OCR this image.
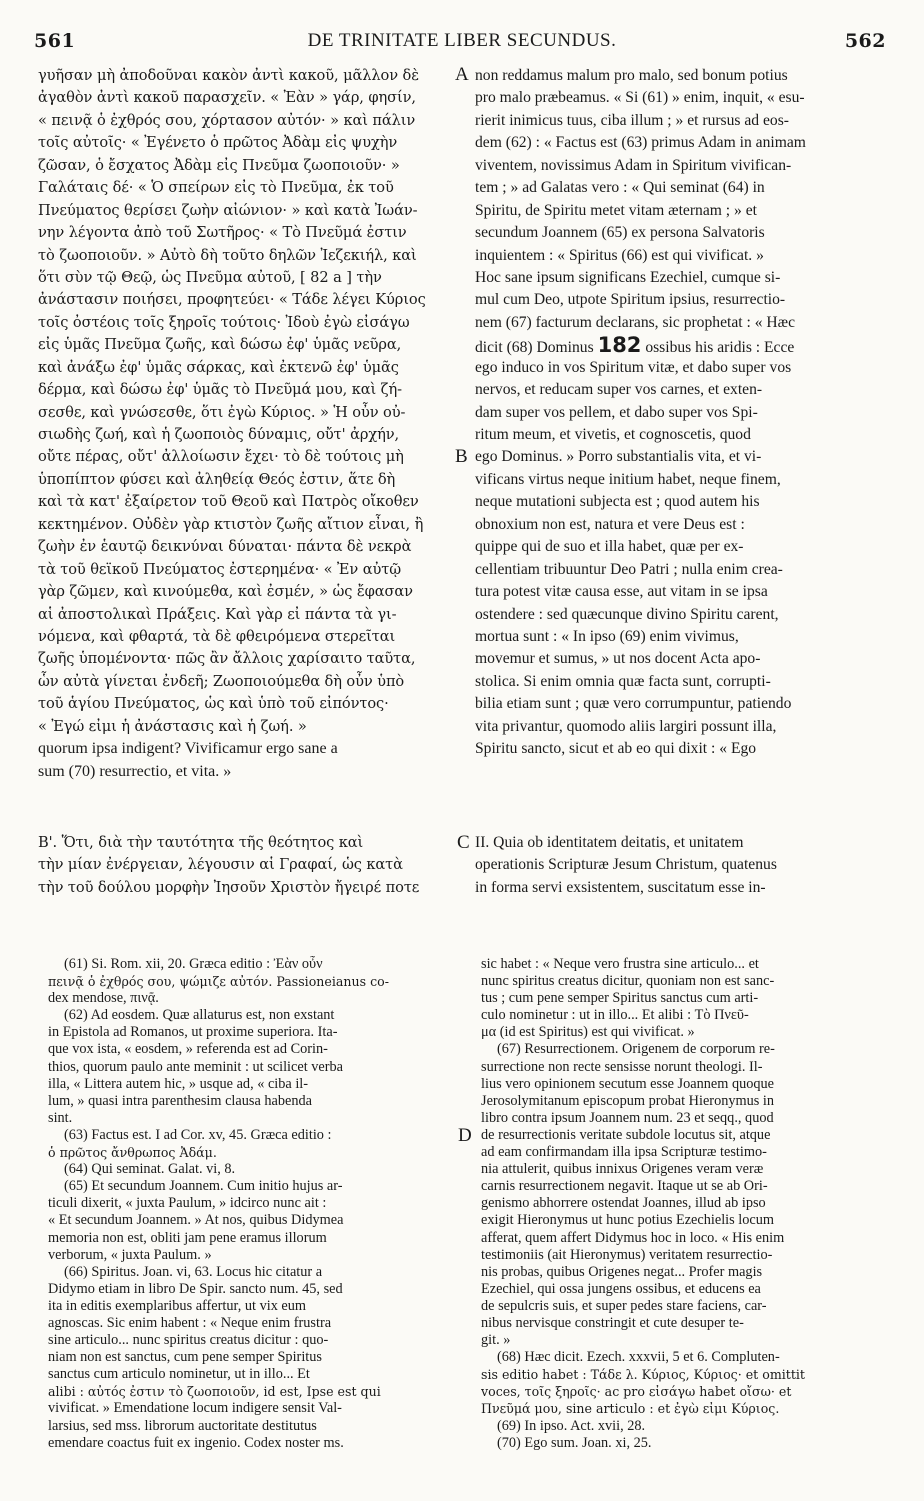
561	DE TRINITATE LIBER SECUNDUS.	562
A
B
C
D
γυῆσαν μὴ ἀποδοῦναι κακὸν ἀντὶ κακοῦ, μᾶλλον δὲ
ἀγαθὸν ἀντὶ κακοῦ παρασχεῖν. « Ἐὰν » γάρ, φησίν,
« πεινᾷ ὁ ἐχθρός σου, χόρτασον αὐτόν· » καὶ πάλιν
τοῖς αὐτοῖς· « Ἐγένετο ὁ πρῶτος Ἀδὰμ εἰς ψυχὴν
ζῶσαν, ὁ ἔσχατος Ἀδὰμ εἰς Πνεῦμα ζωοποιοῦν· »
Γαλάταις δέ· « Ὁ σπείρων εἰς τὸ Πνεῦμα, ἐκ τοῦ
Πνεύματος θερίσει ζωὴν αἰώνιον· » καὶ κατὰ Ἰωάν-
νην λέγοντα ἀπὸ τοῦ Σωτῆρος· « Τὸ Πνεῦμά ἐστιν
τὸ ζωοποιοῦν. » Αὐτὸ δὴ τοῦτο δηλῶν Ἰεζεκιήλ, καὶ
ὅτι σὺν τῷ Θεῷ, ὡς Πνεῦμα αὐτοῦ, [ 82 a ] τὴν
ἀνάστασιν ποιήσει, προφητεύει· « Τάδε λέγει Κύριος
τοῖς ὀστέοις τοῖς ξηροῖς τούτοις· Ἰδοὺ ἐγὼ εἰσάγω
εἰς ὑμᾶς Πνεῦμα ζωῆς, καὶ δώσω ἐφ' ὑμᾶς νεῦρα,
καὶ ἀνάξω ἐφ' ὑμᾶς σάρκας, καὶ ἐκτενῶ ἐφ' ὑμᾶς
δέρμα, καὶ δώσω ἐφ' ὑμᾶς τὸ Πνεῦμά μου, καὶ ζή-
σεσθε, καὶ γνώσεσθε, ὅτι ἐγὼ Κύριος. » Ἡ οὖν οὐ-
σιωδὴς ζωή, καὶ ἡ ζωοποιὸς δύναμις, οὔτ' ἀρχήν,
οὔτε πέρας, οὔτ' ἀλλοίωσιν ἔχει· τὸ δὲ τούτοις μὴ
ὑποπίπτον φύσει καὶ ἀληθείᾳ Θεός ἐστιν, ἅτε δὴ
καὶ τὰ κατ' ἐξαίρετον τοῦ Θεοῦ καὶ Πατρὸς οἴκοθεν
κεκτημένον. Οὐδὲν γὰρ κτιστὸν ζωῆς αἴτιον εἶναι, ἢ
ζωὴν ἐν ἑαυτῷ δεικνύναι δύναται· πάντα δὲ νεκρὰ
τὰ τοῦ θεϊκοῦ Πνεύματος ἐστερημένα· « Ἐν αὐτῷ
γὰρ ζῶμεν, καὶ κινούμεθα, καὶ ἐσμέν, » ὡς ἔφασαν
αἱ ἀποστολικαὶ Πράξεις. Καὶ γὰρ εἰ πάντα τὰ γι-
νόμενα, καὶ φθαρτά, τὰ δὲ φθειρόμενα στερεῖται
ζωῆς ὑπομένοντα· πῶς ἂν ἄλλοις χαρίσαιτο ταῦτα,
ὧν αὐτὰ γίνεται ἐνδεῆ; Ζωοποιούμεθα δὴ οὖν ὑπὸ
τοῦ ἁγίου Πνεύματος, ὡς καὶ ὑπὸ τοῦ εἰπόντος·
« Ἐγώ εἰμι ἡ ἀνάστασις καὶ ἡ ζωή. »
quorum ipsa indigent? Vivificamur ergo sane a
sum (70) resurrectio, et vita. »
non reddamus malum pro malo, sed bonum potius
pro malo præbeamus. « Si (61) » enim, inquit, « esu-
rierit inimicus tuus, ciba illum ; » et rursus ad eos-
dem (62) : « Factus est (63) primus Adam in animam
viventem, novissimus Adam in Spiritum vivifican-
tem ; » ad Galatas vero : « Qui seminat (64) in
Spiritu, de Spiritu metet vitam æternam ; » et
secundum Joannem (65) ex persona Salvatoris
inquientem : « Spiritus (66) est qui vivificat. »
Hoc sane ipsum significans Ezechiel, cumque si-
mul cum Deo, utpote Spiritum ipsius, resurrectio-
nem (67) facturum declarans, sic prophetat : « Hæc
dicit (68) Dominus 182 ossibus his aridis : Ecce
ego induco in vos Spiritum vitæ, et dabo super vos
nervos, et reducam super vos carnes, et exten-
dam super vos pellem, et dabo super vos Spi-
ritum meum, et vivetis, et cognoscetis, quod
ego Dominus. » Porro substantialis vita, et vi-
vificans virtus neque initium habet, neque finem,
neque mutationi subjecta est ; quod autem his
obnoxium non est, natura et vere Deus est :
quippe qui de suo et illa habet, quæ per ex-
cellentiam tribuuntur Deo Patri ; nulla enim crea-
tura potest vitæ causa esse, aut vitam in se ipsa
ostendere : sed quæcunque divino Spiritu carent,
mortua sunt : « In ipso (69) enim vivimus,
movemur et sumus, » ut nos docent Acta apo-
stolica. Si enim omnia quæ facta sunt, corrupti-
bilia etiam sunt ; quæ vero corrumpuntur, patiendo
vita privantur, quomodo aliis largiri possunt illa,
Spiritu sancto, sicut et ab eo qui dixit : « Ego
Β'. Ὅτι, διὰ τὴν ταυτότητα τῆς θεότητος καὶ
τὴν μίαν ἐνέργειαν, λέγουσιν αἱ Γραφαί, ὡς κατὰ
τὴν τοῦ δούλου μορφὴν Ἰησοῦν Χριστὸν ἤγειρέ ποτε
II. Quia ob identitatem deitatis, et unitatem
operationis Scripturæ Jesum Christum, quatenus
in forma servi exsistentem, suscitatum esse in-
(61) Si. Rom. xii, 20. Græca editio : Ἐὰν οὖν
πεινᾷ ὁ ἐχθρός σου, ψώμιζε αὐτόν. Passioneianus co-
dex mendose, πινᾷ.
(62) Ad eosdem. Quæ allaturus est, non exstant
in Epistola ad Romanos, ut proxime superiora. Ita-
que vox ista, « eosdem, » referenda est ad Corin-
thios, quorum paulo ante meminit : ut scilicet verba
illa, « Littera autem hic, » usque ad, « ciba il-
lum, » quasi intra parenthesim clausa habenda
sint.
(63) Factus est. I ad Cor. xv, 45. Græca editio :
ὁ πρῶτος ἄνθρωπος Ἀδάμ.
(64) Qui seminat. Galat. vi, 8.
(65) Et secundum Joannem. Cum initio hujus ar-
ticuli dixerit, « juxta Paulum, » idcirco nunc ait :
« Et secundum Joannem. » At nos, quibus Didymea
memoria non est, obliti jam pene eramus illorum
verborum, « juxta Paulum. »
(66) Spiritus. Joan. vi, 63. Locus hic citatur a
Didymo etiam in libro De Spir. sancto num. 45, sed
ita in editis exemplaribus affertur, ut vix eum
agnoscas. Sic enim habent : « Neque enim frustra
sine articulo... nunc spiritus creatus dicitur : quo-
niam non est sanctus, cum pene semper Spiritus
sanctus cum articulo nominetur, ut in illo... Et
alibi : αὐτός ἐστιν τὸ ζωοποιοῦν, id est, Ipse est qui
vivificat. » Emendatione locum indigere sensit Val-
larsius, sed mss. librorum auctoritate destitutus
emendare coactus fuit ex ingenio. Codex noster ms.
sic habet : « Neque vero frustra sine articulo... et
nunc spiritus creatus dicitur, quoniam non est sanc-
tus ; cum pene semper Spiritus sanctus cum arti-
culo nominetur : ut in illo... Et alibi : Τὸ Πνεῦ-
μα (id est Spiritus) est qui vivificat. »
(67) Resurrectionem. Origenem de corporum re-
surrectione non recte sensisse norunt theologi. Il-
lius vero opinionem secutum esse Joannem quoque
Jerosolymitanum episcopum probat Hieronymus in
libro contra ipsum Joannem num. 23 et seqq., quod
de resurrectionis veritate subdole locutus sit, atque
ad eam confirmandam illa ipsa Scripturæ testimo-
nia attulerit, quibus innixus Origenes veram veræ
carnis resurrectionem negavit. Itaque ut se ab Ori-
genismo abhorrere ostendat Joannes, illud ab ipso
exigit Hieronymus ut hunc potius Ezechielis locum
afferat, quem affert Didymus hoc in loco. « His enim
testimoniis (ait Hieronymus) veritatem resurrectio-
nis probas, quibus Origenes negat... Profer magis
Ezechiel, qui ossa jungens ossibus, et educens ea
de sepulcris suis, et super pedes stare faciens, car-
nibus nervisque constringit et cute desuper te-
git. »
(68) Hæc dicit. Ezech. xxxvii, 5 et 6. Compluten-
sis editio habet : Τάδε λ. Κύριος, Κύριος· et omittit
voces, τοῖς ξηροῖς· ac pro εἰσάγω habet οἴσω· et
Πνεῦμά μου, sine articulo : et ἐγὼ εἰμι Κύριος.
(69) In ipso. Act. xvii, 28.
(70) Ego sum. Joan. xi, 25.
